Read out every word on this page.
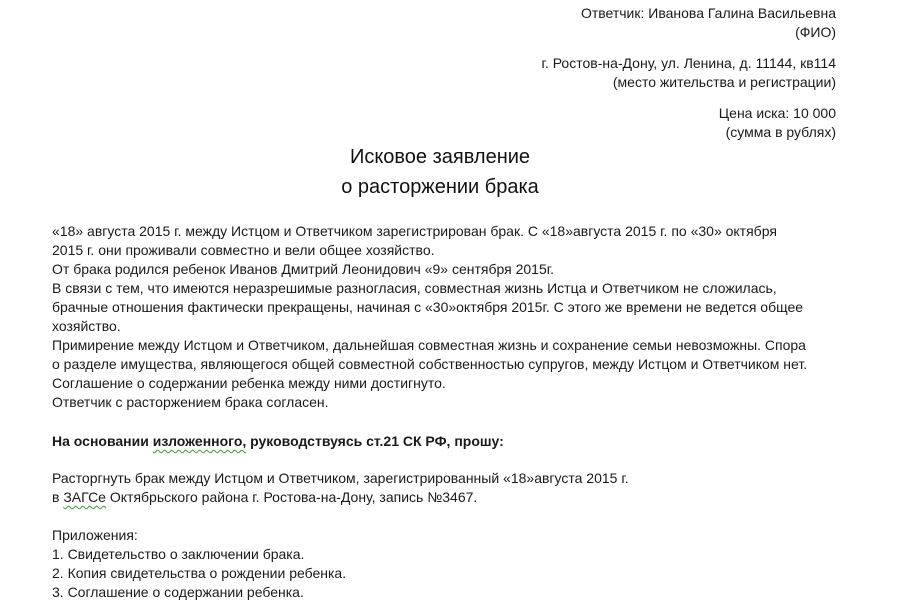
Ответчик: Иванова Галина Васильевна
(ФИО)
г. Ростов-на-Дону, ул. Ленина, д. 11144, кв114
(место жительства и регистрации)
Цена иска: 10 000
(сумма в рублях)
Исковое заявление
о расторжении брака
«18» августа 2015 г. между Истцом и Ответчиком зарегистрирован брак. С «18»августа 2015 г. по «30» октября
2015 г. они проживали совместно и вели общее хозяйство.
От брака родился ребенок Иванов Дмитрий Леонидович «9» сентября 2015г.
В связи с тем, что имеются неразрешимые разногласия, совместная жизнь Истца и Ответчиком не сложилась,
брачные отношения фактически прекращены, начиная с «30»октября 2015г. С этого же времени не ведется общее
хозяйство.
Примирение между Истцом и Ответчиком, дальнейшая совместная жизнь и сохранение семьи невозможны. Спора
о разделе имущества, являющегося общей совместной собственностью супругов, между Истцом и Ответчиком нет.
Соглашение о содержании ребенка между ними достигнуто.
Ответчик с расторжением брака согласен.
На основании изложенного, руководствуясь ст.21 СК РФ, прошу:
Расторгнуть брак между Истцом и Ответчиком, зарегистрированный «18»августа 2015 г.
в ЗАГСе Октябрьского района г. Ростова-на-Дону, запись №3467.
Приложения:
1. Свидетельство о заключении брака.
2. Копия свидетельства о рождении ребенка.
3. Соглашение о содержании ребенка.
